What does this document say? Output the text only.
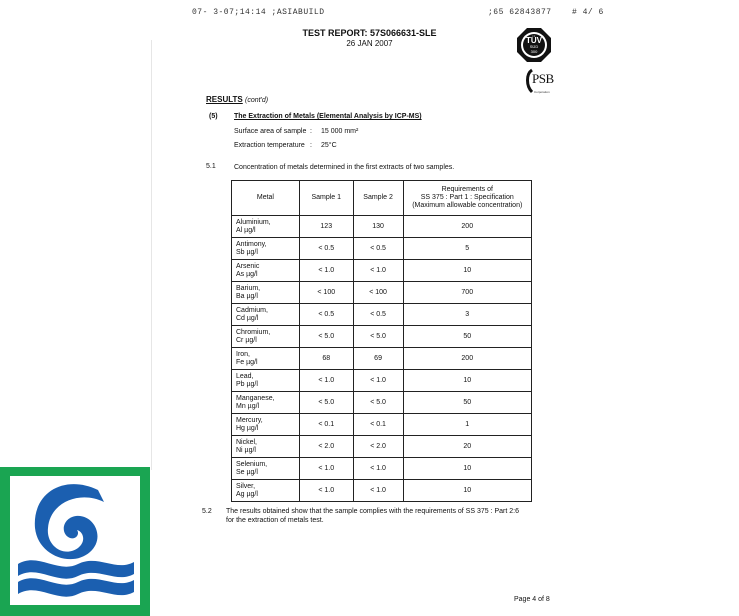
07- 3-07;14:14 ;ASIABUILD	;65 62843877	# 4/ 6
TEST REPORT: 57S066631-SLE
26 JAN 2007	TÜV
SÜD
300
PSB
Corporation
RESULTS (cont'd)
(5) The Extraction of Metals (Elemental Analysis by ICP-MS)
Surface area of sample : 15 000 mm²
Extraction temperature : 25°C
5.1	Concentration of metals determined in the first extracts of two samples.
Metal	Sample 1	Sample 2	Requirements of
SS 375 : Part 1 : Specification
(Maximum allowable concentration)

Aluminium,
Al µg/l	123	130	200

Antimony,
Sb µg/l	< 0.5	< 0.5	5

Arsenic
As µg/l	< 1.0	< 1.0	10

Barium,
Ba µg/l	< 100	< 100	700

Cadmium,
Cd µg/l	< 0.5	< 0.5	3

Chromium,
Cr µg/l	< 5.0	< 5.0	50

Iron,
Fe µg/l	68	69	200

Lead,
Pb µg/l	< 1.0	< 1.0	10

Manganese,
Mn µg/l	< 5.0	< 5.0	50

Mercury,
Hg µg/l	< 0.1	< 0.1	1

Nickel,
Ni µg/l	< 2.0	< 2.0	20

Selenium,
Se µg/l	< 1.0	< 1.0	10

Silver,
Ag µg/l	< 1.0	< 1.0	10
5.2 The results obtained show that the sample complies with the requirements of SS 375 : Part 2:6
for the extraction of metals test.
Page 4 of 8
